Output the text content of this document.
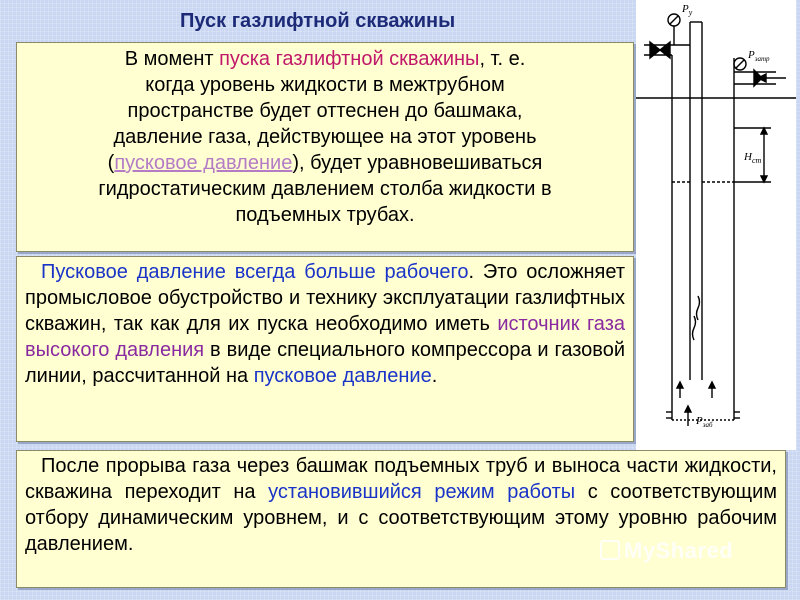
Пуск газлифтной скважины

В момент пуска газлифтной скважины, т. е.

когда уровень жидкости в межтрубном

пространстве будет оттеснен до башмака,

давление газа, действующее на этот уровень

(пусковое давление), будет уравновешиваться

гидростатическим давлением столба жидкости в

подъемных трубах.

Пусковое давление всегда больше рабочего. Это осложняет промысловое обустройство и технику эксплуатации газлифтных скважин, так как для их пуска необходимо иметь источник газа высокого давления в виде специального компрессора и газовой линии, рассчитанной на пусковое давление.

После прорыва газа через башмак подъемных труб и выноса части жидкости, скважина переходит на установившийся режим работы с соответствующим отбору динамическим уровнем, и с соответствующим этому уровню рабочим давлением.

$P_у$
$P_{затр}$
$H_{ст}$
$P_{заб}$
MyShared
